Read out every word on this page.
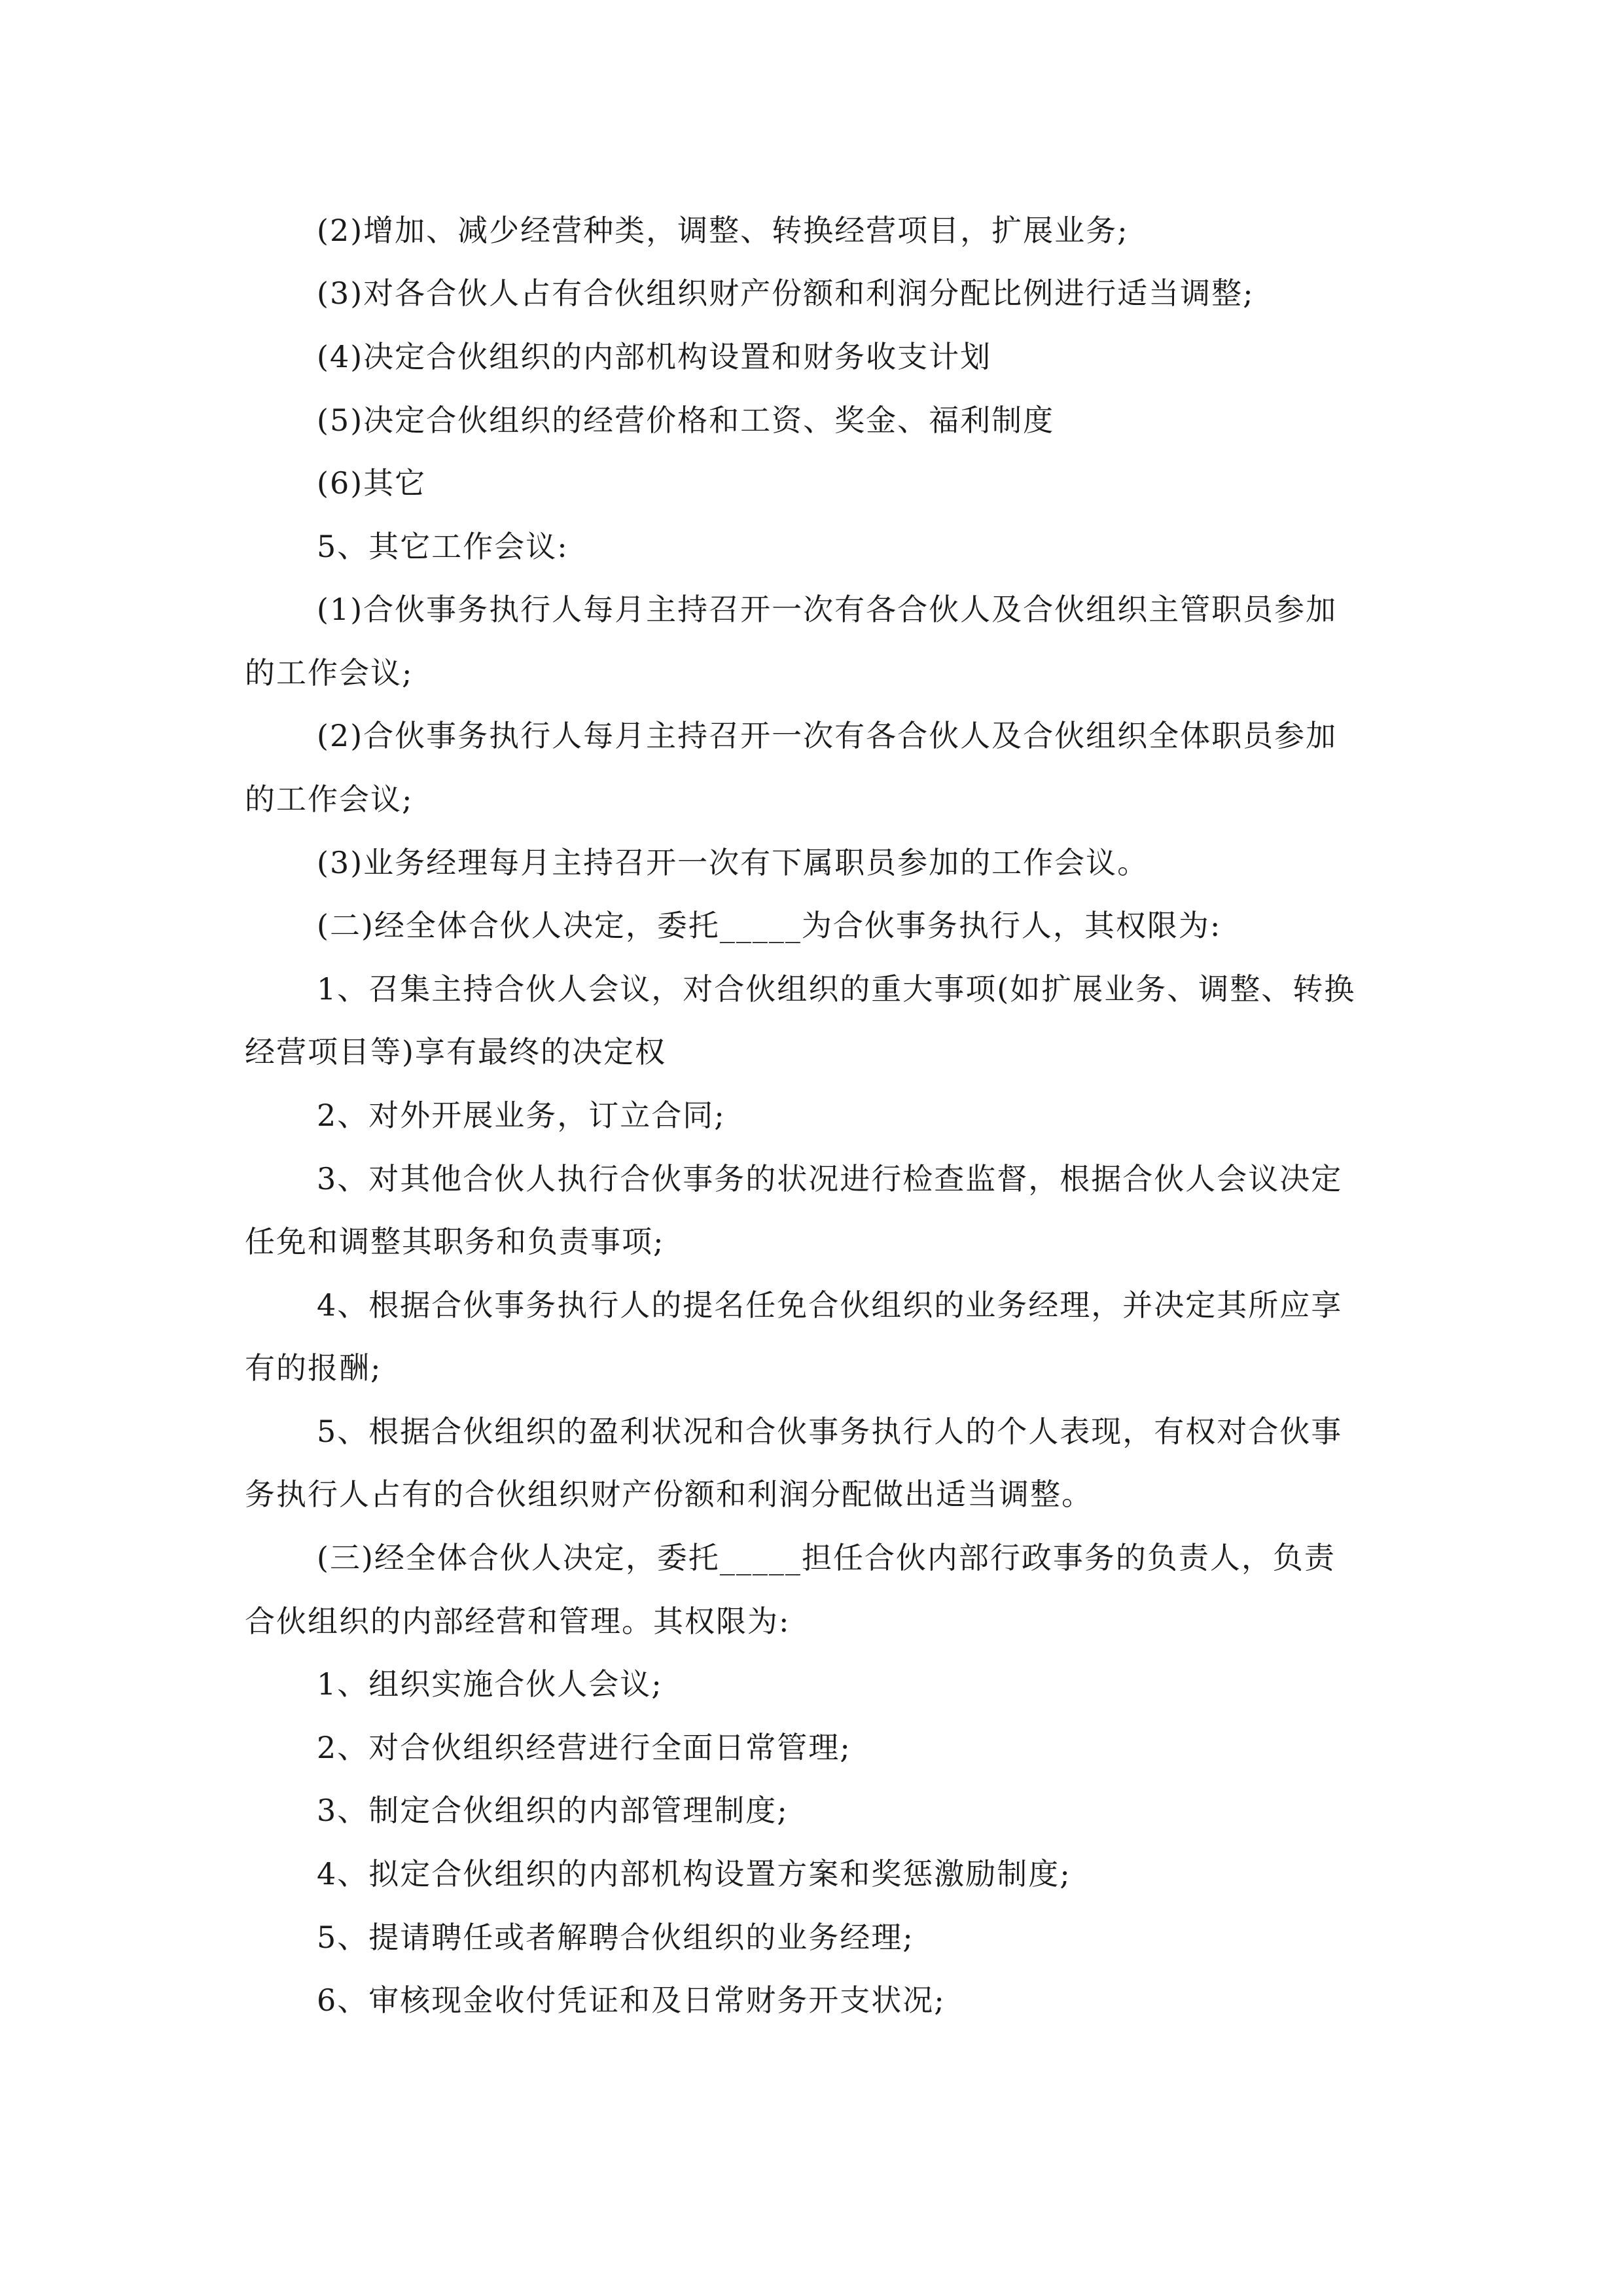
(2)增加、减少经营种类，调整、转换经营项目，扩展业务;
(3)对各合伙人占有合伙组织财产份额和利润分配比例进行适当调整;
(4)决定合伙组织的内部机构设置和财务收支计划
(5)决定合伙组织的经营价格和工资、奖金、福利制度
(6)其它
5、其它工作会议:
(1)合伙事务执行人每月主持召开一次有各合伙人及合伙组织主管职员参加
的工作会议;
(2)合伙事务执行人每月主持召开一次有各合伙人及合伙组织全体职员参加
的工作会议;
(3)业务经理每月主持召开一次有下属职员参加的工作会议。
(二)经全体合伙人决定，委托_____为合伙事务执行人，其权限为:
1、召集主持合伙人会议，对合伙组织的重大事项(如扩展业务、调整、转换
经营项目等)享有最终的决定权
2、对外开展业务，订立合同;
3、对其他合伙人执行合伙事务的状况进行检查监督，根据合伙人会议决定
任免和调整其职务和负责事项;
4、根据合伙事务执行人的提名任免合伙组织的业务经理，并决定其所应享
有的报酬;
5、根据合伙组织的盈利状况和合伙事务执行人的个人表现，有权对合伙事
务执行人占有的合伙组织财产份额和利润分配做出适当调整。
(三)经全体合伙人决定，委托_____担任合伙内部行政事务的负责人，负责
合伙组织的内部经营和管理。其权限为:
1、组织实施合伙人会议;
2、对合伙组织经营进行全面日常管理;
3、制定合伙组织的内部管理制度;
4、拟定合伙组织的内部机构设置方案和奖惩激励制度;
5、提请聘任或者解聘合伙组织的业务经理;
6、审核现金收付凭证和及日常财务开支状况;
